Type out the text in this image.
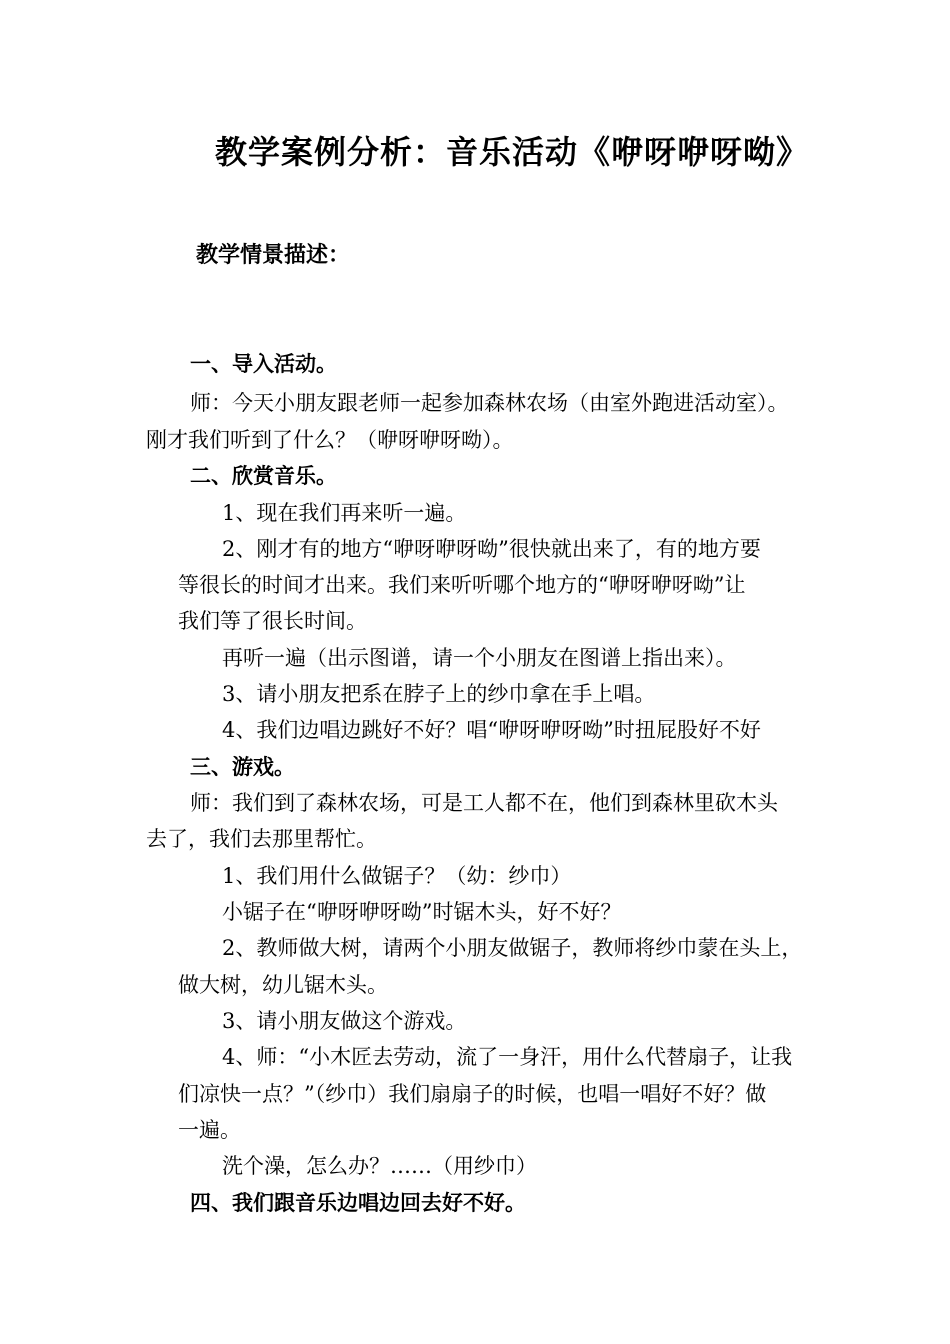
教学案例分析：音乐活动《咿呀咿呀呦》
教学情景描述：
一、导入活动。
师：今天小朋友跟老师一起参加森林农场（由室外跑进活动室）。
刚才我们听到了什么？（咿呀咿呀呦）。
二、欣赏音乐。
1、现在我们再来听一遍。
2、刚才有的地方“咿呀咿呀呦”很快就出来了，有的地方要
等很长的时间才出来。我们来听听哪个地方的“咿呀咿呀呦”让
我们等了很长时间。
再听一遍（出示图谱，请一个小朋友在图谱上指出来）。
3、请小朋友把系在脖子上的纱巾拿在手上唱。
4、我们边唱边跳好不好？唱“咿呀咿呀呦”时扭屁股好不好
三、游戏。
师：我们到了森林农场，可是工人都不在，他们到森林里砍木头
去了，我们去那里帮忙。
1、我们用什么做锯子？（幼：纱巾）
小锯子在“咿呀咿呀呦”时锯木头，好不好？
2、教师做大树，请两个小朋友做锯子，教师将纱巾蒙在头上，
做大树，幼儿锯木头。
3、请小朋友做这个游戏。
4、师：“小木匠去劳动，流了一身汗，用什么代替扇子，让我
们凉快一点？”（纱巾）我们扇扇子的时候，也唱一唱好不好？做
一遍。
洗个澡，怎么办？……（用纱巾）
四、我们跟音乐边唱边回去好不好。
